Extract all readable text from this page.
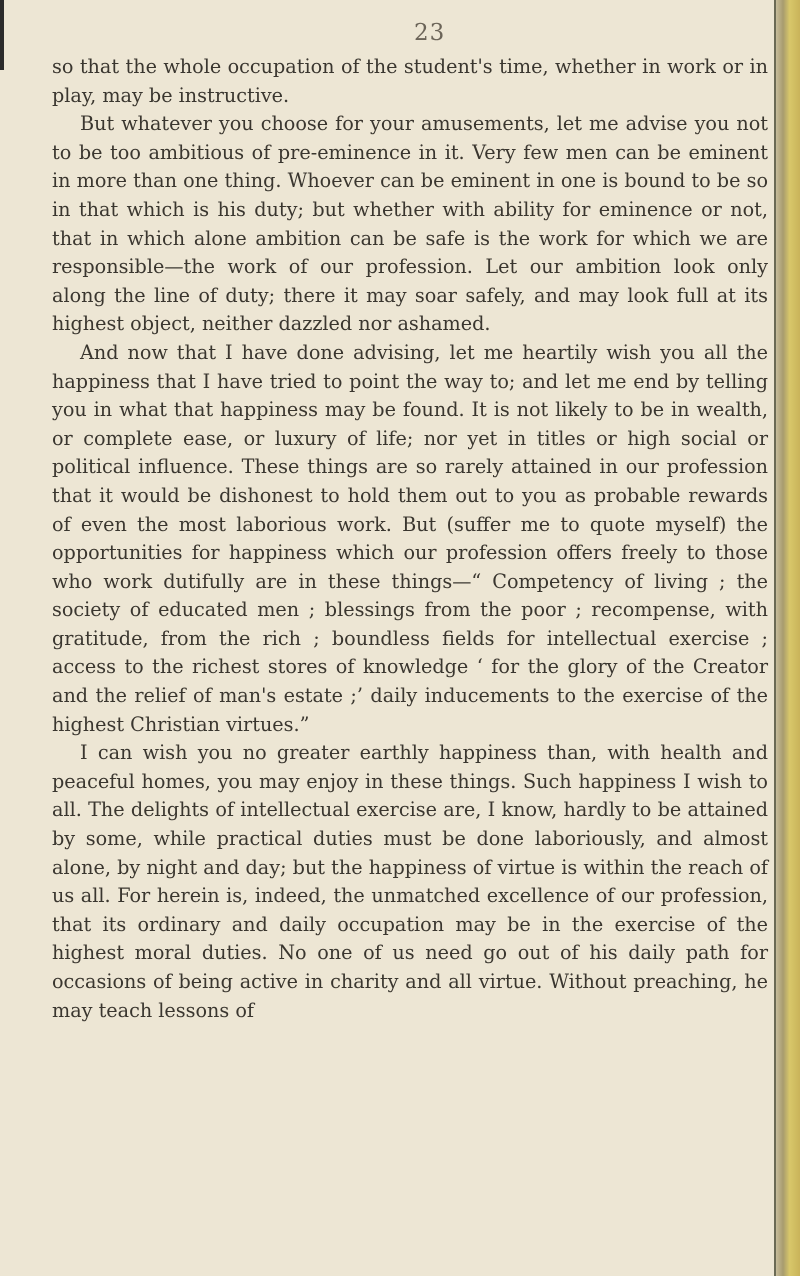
23

so that the whole occupation of the student's time, whether in work or in play, may be instructive.

But whatever you choose for your amusements, let me advise you not to be too ambitious of pre-eminence in it. Very few men can be eminent in more than one thing. Whoever can be eminent in one is bound to be so in that which is his duty; but whether with ability for eminence or not, that in which alone ambition can be safe is the work for which we are responsible—the work of our profession. Let our ambition look only along the line of duty; there it may soar safely, and may look full at its highest object, neither dazzled nor ashamed.

And now that I have done advising, let me heartily wish you all the happiness that I have tried to point the way to; and let me end by telling you in what that happiness may be found. It is not likely to be in wealth, or complete ease, or luxury of life; nor yet in titles or high social or political influence. These things are so rarely attained in our profession that it would be dishonest to hold them out to you as probable rewards of even the most laborious work. But (suffer me to quote myself) the opportunities for happiness which our profession offers freely to those who work dutifully are in these things—“ Competency of living ; the society of educated men ; blessings from the poor ; recompense, with gratitude, from the rich ; boundless fields for intellectual exercise ; access to the richest stores of knowledge ‘ for the glory of the Creator and the relief of man's estate ;’ daily inducements to the exercise of the highest Christian virtues.”

I can wish you no greater earthly happiness than, with health and peaceful homes, you may enjoy in these things. Such happiness I wish to all. The delights of intellectual exercise are, I know, hardly to be attained by some, while practical duties must be done laboriously, and almost alone, by night and day; but the happiness of virtue is within the reach of us all. For herein is, indeed, the unmatched excellence of our profession, that its ordinary and daily occupation may be in the exercise of the highest moral duties. No one of us need go out of his daily path for occasions of being active in charity and all virtue. Without preaching, he may teach lessons of
